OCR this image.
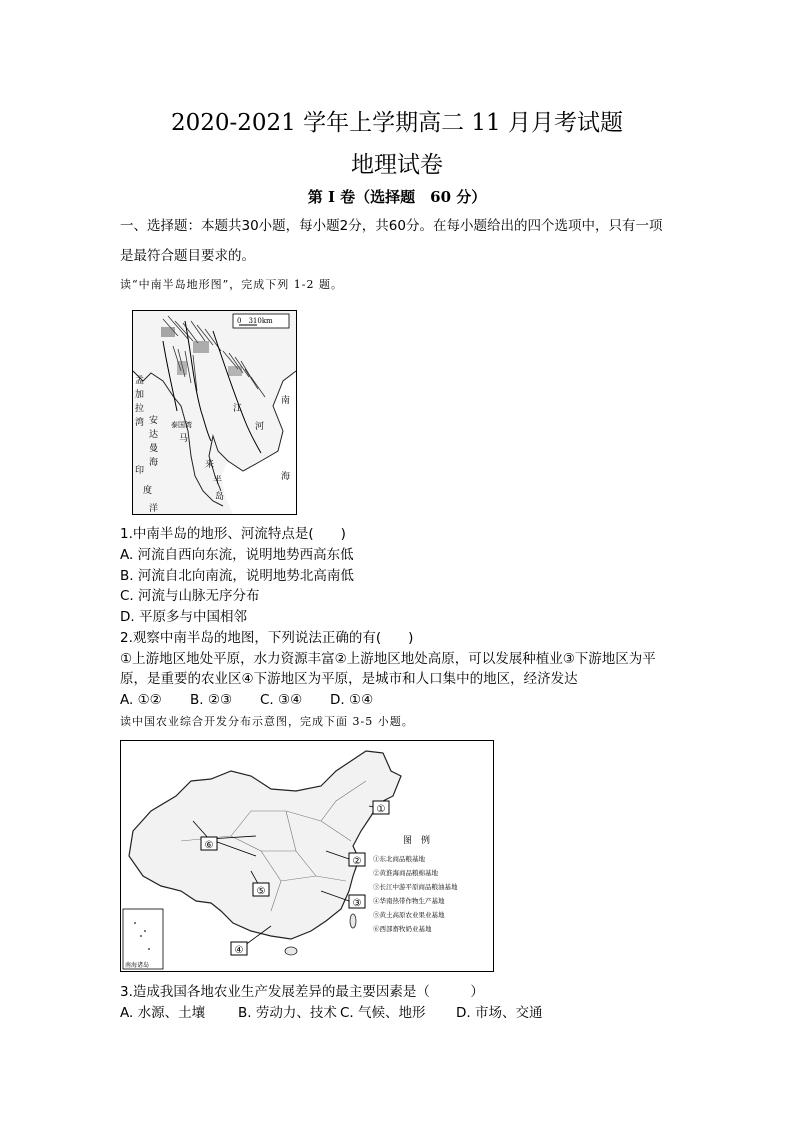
2020-2021 学年上学期高二 11 月月考试题
地理试卷
第 I 卷（选择题　60 分）
一、选择题：本题共30小题，每小题2分，共60分。在每小题给出的四个选项中，只有一项
是最符合题目要求的。
读“中南半岛地形图”，完成下列 1-2 题。
0　310km
孟
加
拉
湾 安
达
曼
海
印
度
洋
南
海
马
来
半
岛
泰国湾	河
江
1.中南半岛的地形、河流特点是(　　)
A. 河流自西向东流，说明地势西高东低
B. 河流自北向南流，说明地势北高南低
C. 河流与山脉无序分布
D. 平原多与中国相邻
2.观察中南半岛的地图，下列说法正确的有(　　)
①上游地区地处平原，水力资源丰富②上游地区地处高原，可以发展种植业③下游地区为平
原，是重要的农业区④下游地区为平原，是城市和人口集中的地区，经济发达
A. ①② B. ②③ C. ③④ D. ①④
读中国农业综合开发分布示意图，完成下面 3-5 小题。
南海诸岛
①
②
③
④
⑤
⑥	图　例
①东北商品粮基地
②黄淮海商品粮棉基地
③长江中游平原商品粮油基地
④华南热带作物生产基地
⑤黄土高原农业果业基地
⑥西部畜牧奶业基地
3.造成我国各地农业生产发展差异的最主要因素是（　　　）
A. 水源、土壤 B. 劳动力、技术 C. 气候、地形 D. 市场、交通
